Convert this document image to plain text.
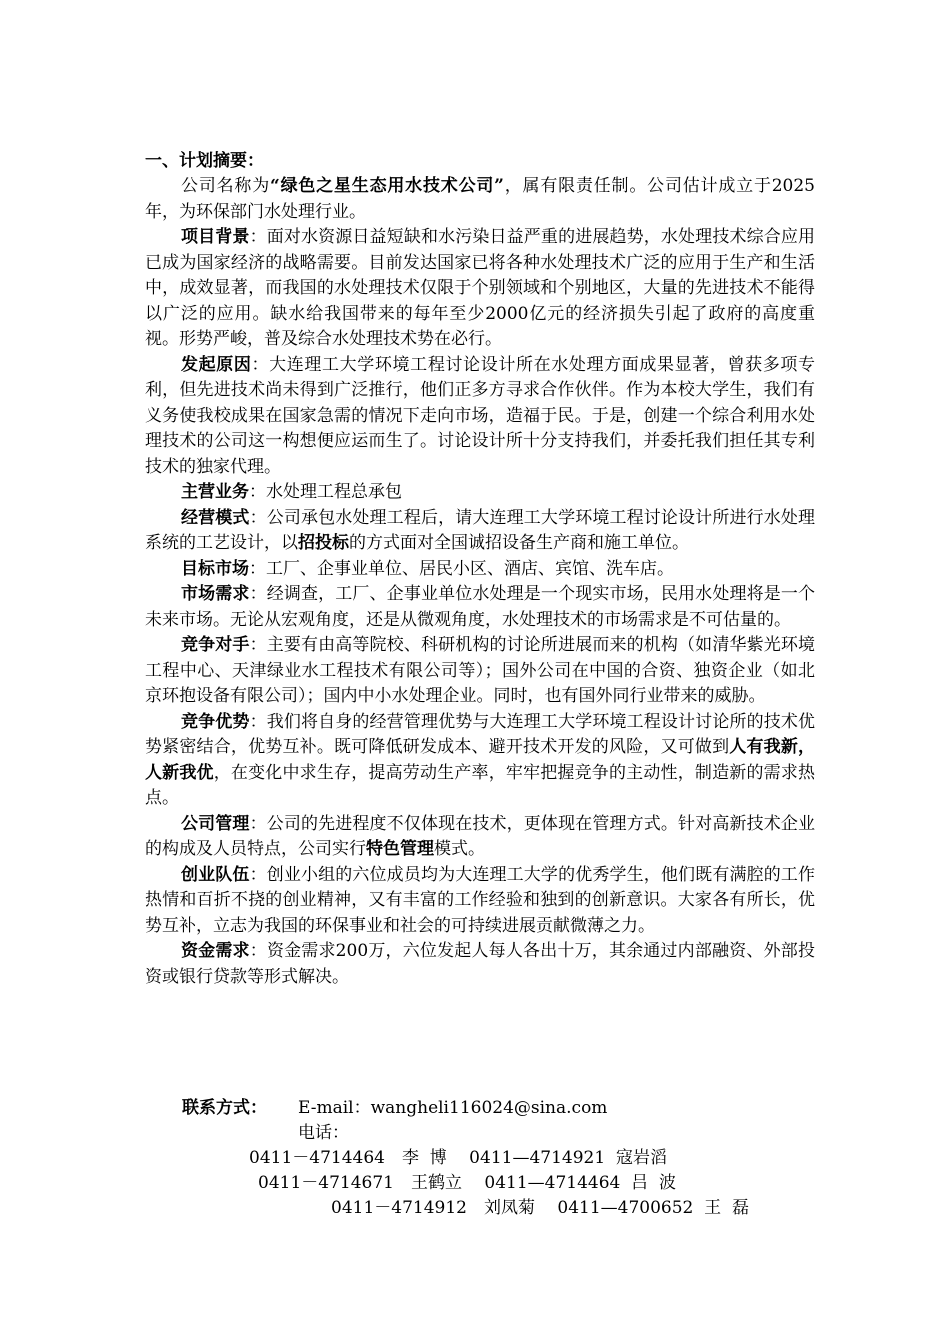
一、计划摘要：

公司名称为“绿色之星生态用水技术公司”，属有限责任制。公司估计成立于2025年，为环保部门水处理行业。

项目背景：面对水资源日益短缺和水污染日益严重的进展趋势，水处理技术综合应用已成为国家经济的战略需要。目前发达国家已将各种水处理技术广泛的应用于生产和生活中，成效显著，而我国的水处理技术仅限于个别领域和个别地区，大量的先进技术不能得以广泛的应用。缺水给我国带来的每年至少2000亿元的经济损失引起了政府的高度重视。形势严峻，普及综合水处理技术势在必行。

发起原因：大连理工大学环境工程讨论设计所在水处理方面成果显著，曾获多项专利，但先进技术尚未得到广泛推行，他们正多方寻求合作伙伴。作为本校大学生，我们有义务使我校成果在国家急需的情况下走向市场，造福于民。于是，创建一个综合利用水处理技术的公司这一构想便应运而生了。讨论设计所十分支持我们，并委托我们担任其专利技术的独家代理。

主营业务：水处理工程总承包

经营模式：公司承包水处理工程后，请大连理工大学环境工程讨论设计所进行水处理系统的工艺设计，以招投标的方式面对全国诚招设备生产商和施工单位。

目标市场：工厂、企事业单位、居民小区、酒店、宾馆、洗车店。

市场需求：经调查，工厂、企事业单位水处理是一个现实市场，民用水处理将是一个未来市场。无论从宏观角度，还是从微观角度，水处理技术的市场需求是不可估量的。

竞争对手：主要有由高等院校、科研机构的讨论所进展而来的机构（如清华紫光环境工程中心、天津绿业水工程技术有限公司等）；国外公司在中国的合资、独资企业（如北京环抱设备有限公司）；国内中小水处理企业。同时，也有国外同行业带来的威胁。

竞争优势：我们将自身的经营管理优势与大连理工大学环境工程设计讨论所的技术优势紧密结合，优势互补。既可降低研发成本、避开技术开发的风险，又可做到人有我新，人新我优，在变化中求生存，提高劳动生产率，牢牢把握竞争的主动性，制造新的需求热点。

公司管理：公司的先进程度不仅体现在技术，更体现在管理方式。针对高新技术企业的构成及人员特点，公司实行特色管理模式。

创业队伍：创业小组的六位成员均为大连理工大学的优秀学生，他们既有满腔的工作热情和百折不挠的创业精神，又有丰富的工作经验和独到的创新意识。大家各有所长，优势互补，立志为我国的环保事业和社会的可持续进展贡献微薄之力。

资金需求：资金需求200万，六位发起人每人各出十万，其余通过内部融资、外部投资或银行贷款等形式解决。

联系方式： E-mail：wangheli116024@sina.com
电话：
0411－4714464　李  博　 0411—4714921  寇岩滔
0411－4714671　王鹤立　 0411—4714464  吕  波
0411－4714912　刘凤菊　 0411—4700652  王  磊
